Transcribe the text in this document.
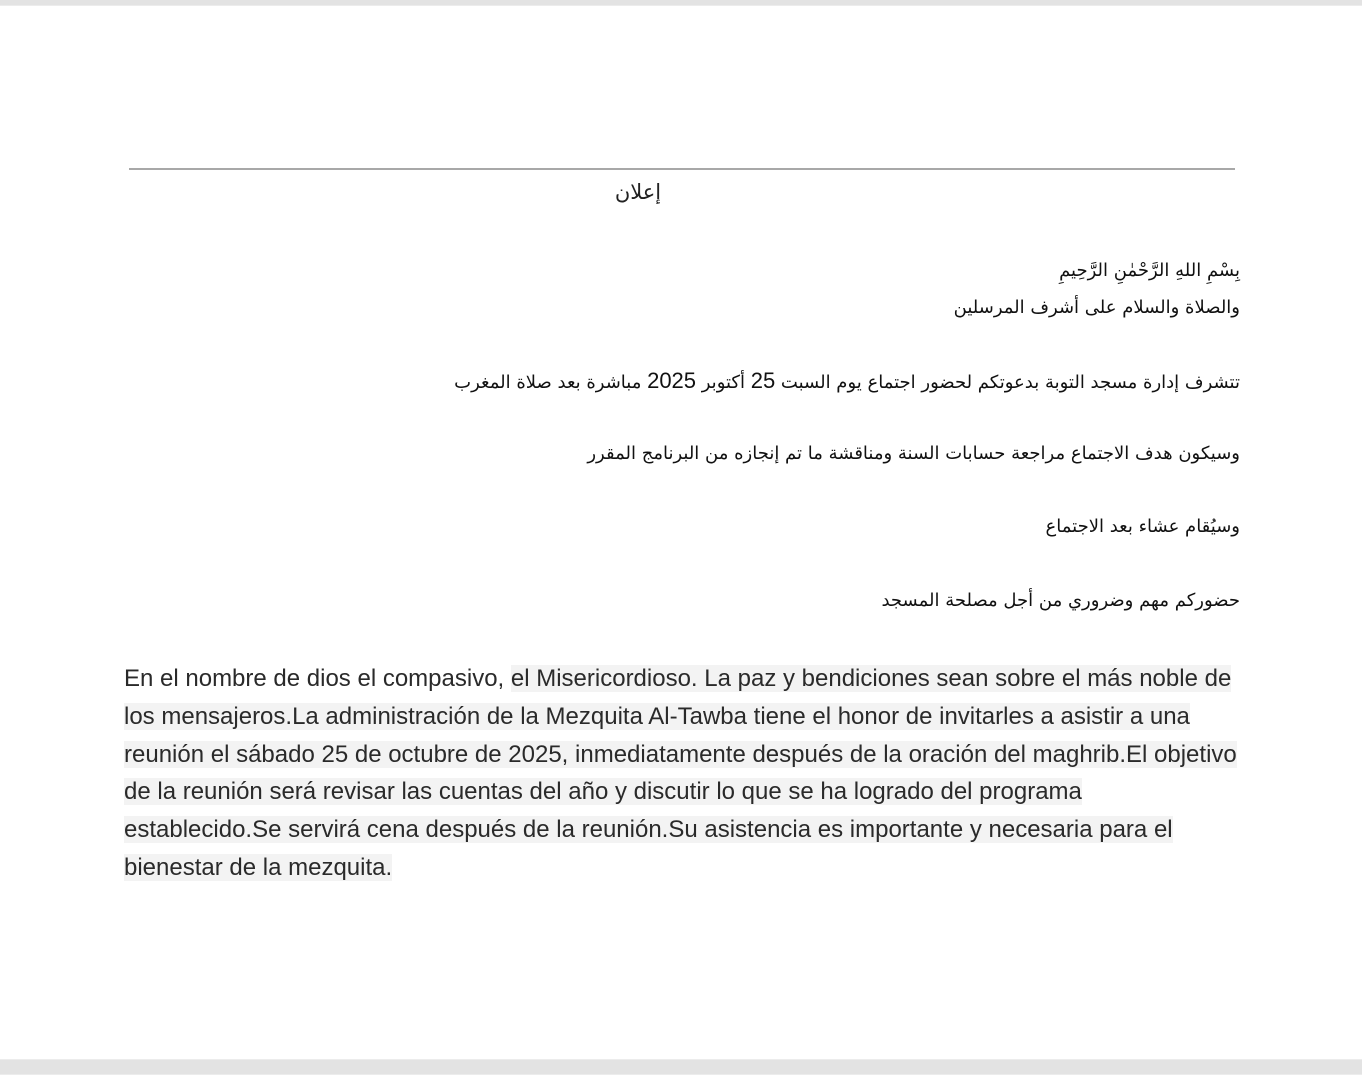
إعلان
بِسْمِ اللهِ الرَّحْمٰنِ الرَّحِيمِ
والصلاة والسلام على أشرف المرسلين
تتشرف إدارة مسجد التوبة بدعوتكم لحضور اجتماع يوم السبت 25 أكتوبر 2025 مباشرة بعد صلاة المغرب
وسيكون هدف الاجتماع مراجعة حسابات السنة ومناقشة ما تم إنجازه من البرنامج المقرر
وسيُقام عشاء بعد الاجتماع
حضوركم مهم وضروري من أجل مصلحة المسجد
En el nombre de dios el compasivo, el Misericordioso. La paz y bendiciones sean sobre el más noble de los mensajeros.La administración de la Mezquita Al-Tawba tiene el honor de invitarles a asistir a una reunión el sábado 25 de octubre de 2025, inmediatamente después de la oración del maghrib.El objetivo de la reunión será revisar las cuentas del año y discutir lo que se ha logrado del programa establecido.Se servirá cena después de la reunión.Su asistencia es importante y necesaria para el bienestar de la mezquita.
